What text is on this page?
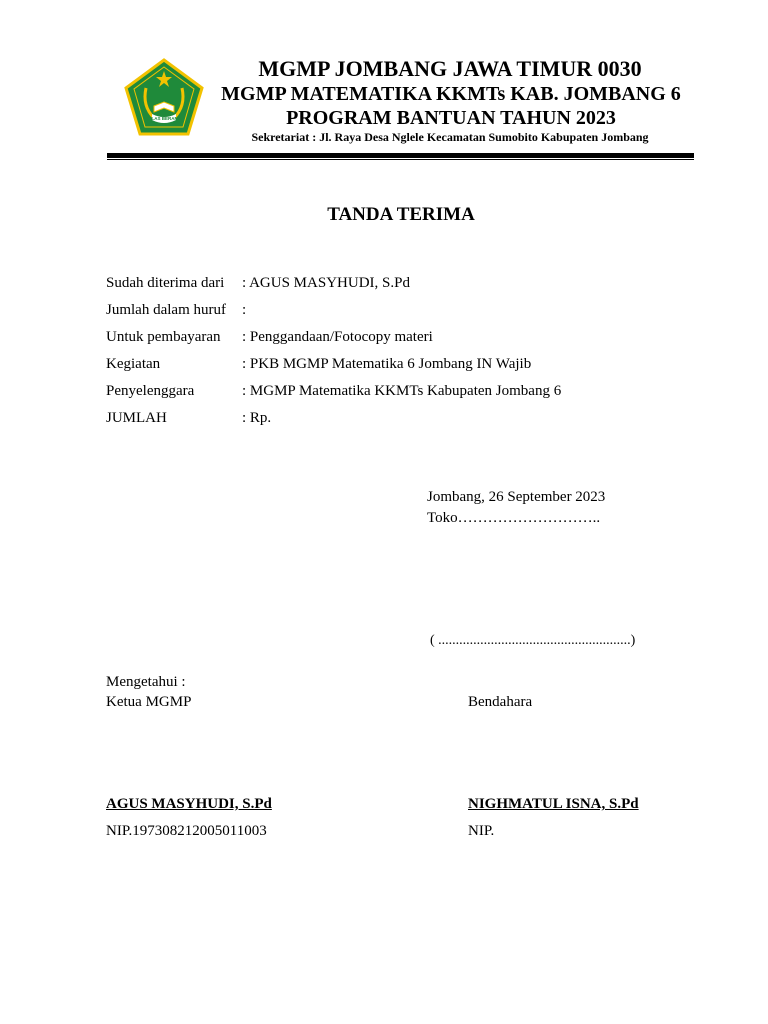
IKHLAS BERAMAL
MGMP JOMBANG JAWA TIMUR 0030
MGMP MATEMATIKA KKMTs KAB. JOMBANG 6
PROGRAM BANTUAN TAHUN 2023
Sekretariat : Jl. Raya Desa Nglele Kecamatan Sumobito Kabupaten Jombang
TANDA TERIMA
Sudah diterima dari : AGUS MASYHUDI, S.Pd
Jumlah dalam huruf :
Untuk pembayaran : Penggandaan/Fotocopy materi
Kegiatan	: PKB MGMP Matematika 6 Jombang IN Wajib
Penyelenggara	: MGMP Matematika KKMTs Kabupaten Jombang 6
JUMLAH	: Rp.
Jombang, 26 September 2023
Toko………………………..
( .......................................................)
Mengetahui :
Ketua MGMP	Bendahara
AGUS MASYHUDI, S.Pd	NIGHMATUL ISNA, S.Pd
NIP.197308212005011003	NIP.
